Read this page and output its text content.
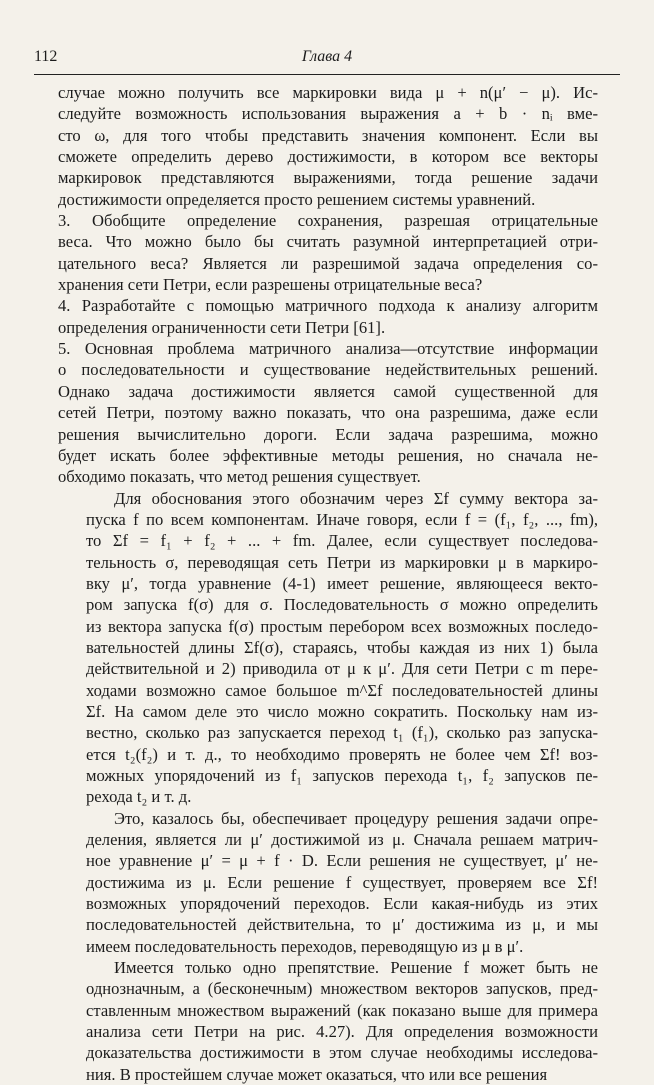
112	Глава 4

случае можно получить все маркировки вида μ + n(μ′ − μ). Ис-
следуйте возможность использования выражения a + b · nᵢ вме-
сто ω, для того чтобы представить значения компонент. Если вы
сможете определить дерево достижимости, в котором все векторы
маркировок представляются выражениями, тогда решение задачи
достижимости определяется просто решением системы уравнений.

3. Обобщите определение сохранения, разрешая отрицательные
веса. Что можно было бы считать разумной интерпретацией отри-
цательного веса? Является ли разрешимой задача определения со-
хранения сети Петри, если разрешены отрицательные веса?

4. Разработайте с помощью матричного подхода к анализу алгоритм
определения ограниченности сети Петри [61].

5. Основная проблема матричного анализа—отсутствие информации
о последовательности и существование недействительных решений.
Однако задача достижимости является самой существенной для
сетей Петри, поэтому важно показать, что она разрешима, даже если
решения вычислительно дороги. Если задача разрешима, можно
будет искать более эффективные методы решения, но сначала не-
обходимо показать, что метод решения существует.

Для обоснования этого обозначим через Σf сумму вектора за-
пуска f по всем компонентам. Иначе говоря, если f = (f₁, f₂, ..., fm),
то Σf = f₁ + f₂ + ... + fm. Далее, если существует последова-
тельность σ, переводящая сеть Петри из маркировки μ в маркиро-
вку μ′, тогда уравнение (4-1) имеет решение, являющееся векто-
ром запуска f(σ) для σ. Последовательность σ можно определить
из вектора запуска f(σ) простым перебором всех возможных последо-
вательностей длины Σf(σ), стараясь, чтобы каждая из них 1) была
действительной и 2) приводила от μ к μ′. Для сети Петри с m пере-
ходами возможно самое большое m^Σf последовательностей длины
Σf. На самом деле это число можно сократить. Поскольку нам из-
вестно, сколько раз запускается переход t₁ (f₁), сколько раз запуска-
ется t₂(f₂) и т. д., то необходимо проверять не более чем Σf! воз-
можных упорядочений из f₁ запусков перехода t₁, f₂ запусков пе-
рехода t₂ и т. д.

Это, казалось бы, обеспечивает процедуру решения задачи опре-
деления, является ли μ′ достижимой из μ. Сначала решаем матрич-
ное уравнение μ′ = μ + f · D. Если решения не существует, μ′ не-
достижима из μ. Если решение f существует, проверяем все Σf!
возможных упорядочений переходов. Если какая-нибудь из этих
последовательностей действительна, то μ′ достижима из μ, и мы
имеем последовательность переходов, переводящую из μ в μ′.

Имеется только одно препятствие. Решение f может быть не
однозначным, а (бесконечным) множеством векторов запусков, пред-
ставленным множеством выражений (как показано выше для примера
анализа сети Петри на рис. 4.27). Для определения возможности
доказательства достижимости в этом случае необходимы исследова-
ния. В простейшем случае может оказаться, что или все решения
